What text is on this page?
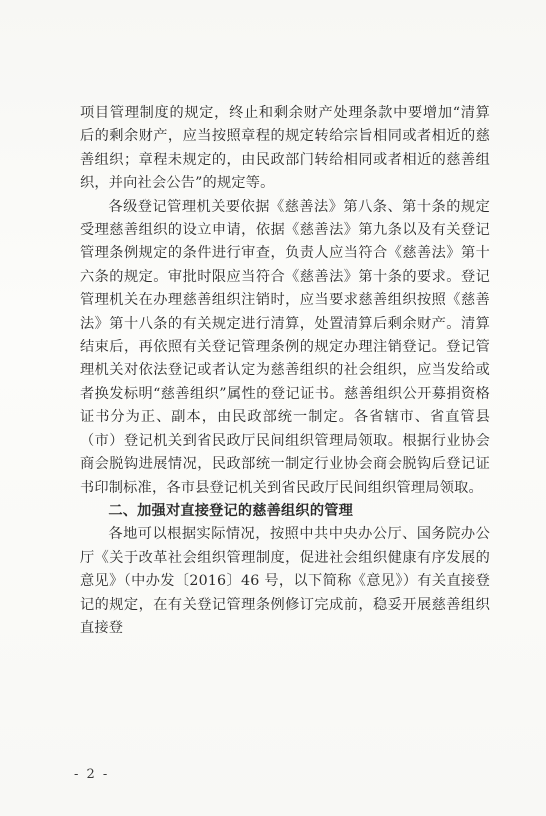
项目管理制度的规定，终止和剩余财产处理条款中要增加“清算后的剩余财产，应当按照章程的规定转给宗旨相同或者相近的慈善组织；章程未规定的，由民政部门转给相同或者相近的慈善组织，并向社会公告”的规定等。

各级登记管理机关要依据《慈善法》第八条、第十条的规定受理慈善组织的设立申请，依据《慈善法》第九条以及有关登记管理条例规定的条件进行审查，负责人应当符合《慈善法》第十六条的规定。审批时限应当符合《慈善法》第十条的要求。登记管理机关在办理慈善组织注销时，应当要求慈善组织按照《慈善法》第十八条的有关规定进行清算，处置清算后剩余财产。清算结束后，再依照有关登记管理条例的规定办理注销登记。登记管理机关对依法登记或者认定为慈善组织的社会组织，应当发给或者换发标明“慈善组织”属性的登记证书。慈善组织公开募捐资格证书分为正、副本，由民政部统一制定。各省辖市、省直管县（市）登记机关到省民政厅民间组织管理局领取。根据行业协会商会脱钩进展情况，民政部统一制定行业协会商会脱钩后登记证书印制标准，各市县登记机关到省民政厅民间组织管理局领取。

二、加强对直接登记的慈善组织的管理

各地可以根据实际情况，按照中共中央办公厅、国务院办公厅《关于改革社会组织管理制度，促进社会组织健康有序发展的意见》（中办发〔2016〕46 号，以下简称《意见》）有关直接登记的规定，在有关登记管理条例修订完成前，稳妥开展慈善组织直接登

- 2 -
